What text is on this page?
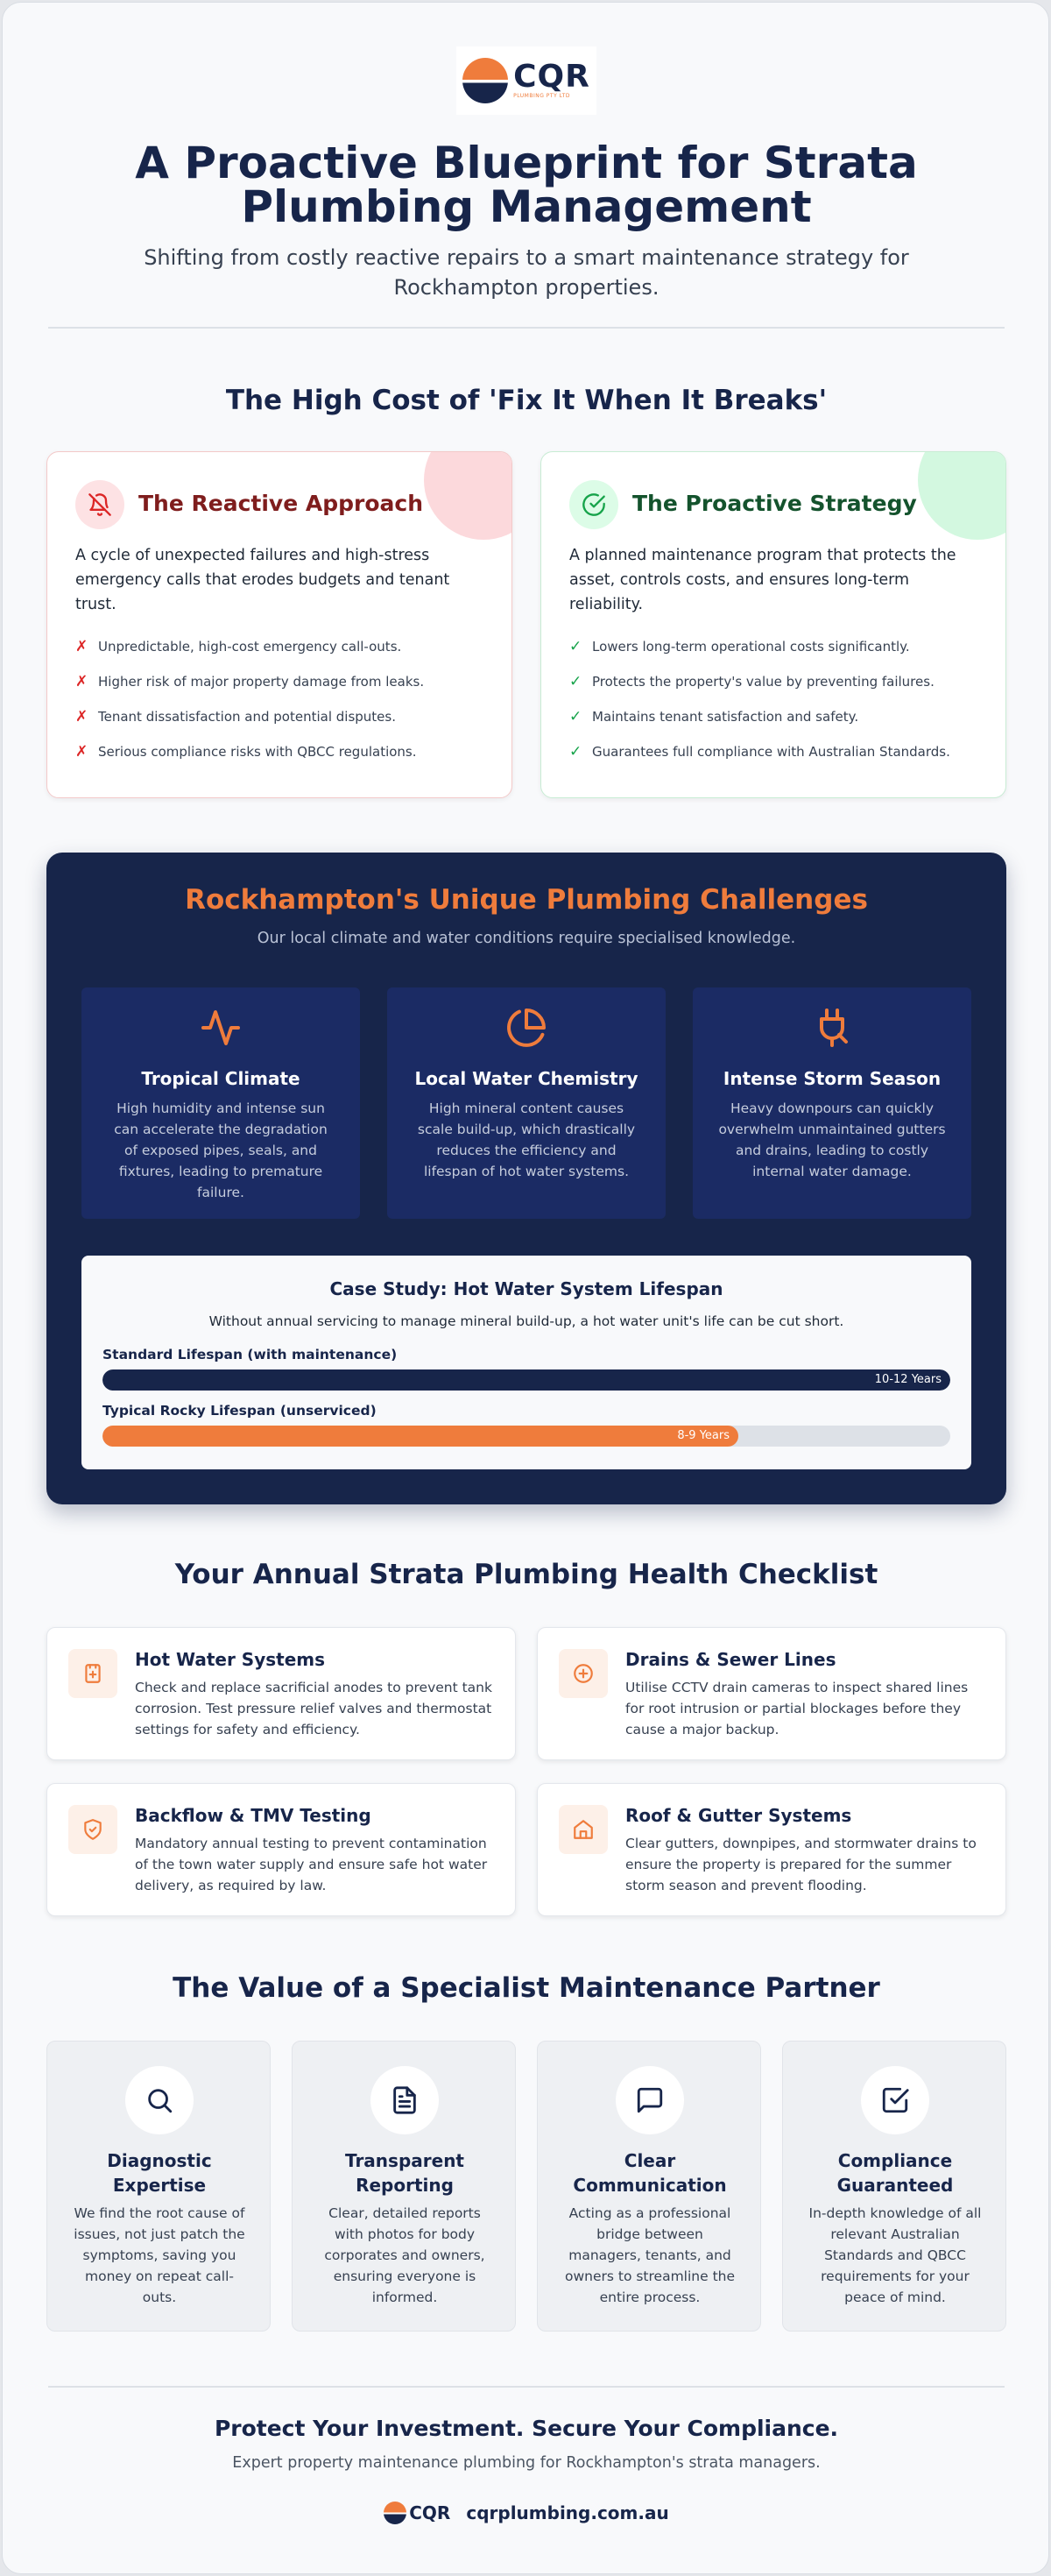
CQR
PLUMBING PTY LTD
A Proactive Blueprint for Strata
Plumbing Management
Shifting from costly reactive repairs to a smart maintenance strategy for Rockhampton properties.
The High Cost of 'Fix It When It Breaks'
The Reactive Approach
A cycle of unexpected failures and high-stress emergency calls that erodes budgets and tenant trust.
✗ Unpredictable, high-cost emergency call-outs.
✗ Higher risk of major property damage from leaks.
✗ Tenant dissatisfaction and potential disputes.
✗ Serious compliance risks with QBCC regulations.
The Proactive Strategy
A planned maintenance program that protects the asset, controls costs, and ensures long-term reliability.
✓ Lowers long-term operational costs significantly.
✓ Protects the property's value by preventing failures.
✓ Maintains tenant satisfaction and safety.
✓ Guarantees full compliance with Australian Standards.
Rockhampton's Unique Plumbing Challenges
Our local climate and water conditions require specialised knowledge.
Tropical Climate
High humidity and intense sun can accelerate the degradation of exposed pipes, seals, and fixtures, leading to premature failure.
Local Water Chemistry
High mineral content causes scale build-up, which drastically reduces the efficiency and lifespan of hot water systems.
Intense Storm Season
Heavy downpours can quickly overwhelm unmaintained gutters and drains, leading to costly internal water damage.
Case Study: Hot Water System Lifespan
Without annual servicing to manage mineral build-up, a hot water unit's life can be cut short.
Standard Lifespan (with maintenance)
10-12 Years
Typical Rocky Lifespan (unserviced)
8-9 Years
Your Annual Strata Plumbing Health Checklist
Hot Water Systems
Check and replace sacrificial anodes to prevent tank corrosion. Test pressure relief valves and thermostat settings for safety and efficiency.
Drains & Sewer Lines
Utilise CCTV drain cameras to inspect shared lines for root intrusion or partial blockages before they cause a major backup.
Backflow & TMV Testing
Mandatory annual testing to prevent contamination of the town water supply and ensure safe hot water delivery, as required by law.
Roof & Gutter Systems
Clear gutters, downpipes, and stormwater drains to ensure the property is prepared for the summer storm season and prevent flooding.
The Value of a Specialist Maintenance Partner
Diagnostic Expertise
We find the root cause of issues, not just patch the symptoms, saving you money on repeat call-outs.
Transparent Reporting
Clear, detailed reports with photos for body corporates and owners, ensuring everyone is informed.
Clear Communication
Acting as a professional bridge between managers, tenants, and owners to streamline the entire process.
Compliance Guaranteed
In-depth knowledge of all relevant Australian Standards and QBCC requirements for your peace of mind.
Protect Your Investment. Secure Your Compliance.
Expert property maintenance plumbing for Rockhampton's strata managers.
CQR cqrplumbing.com.au
